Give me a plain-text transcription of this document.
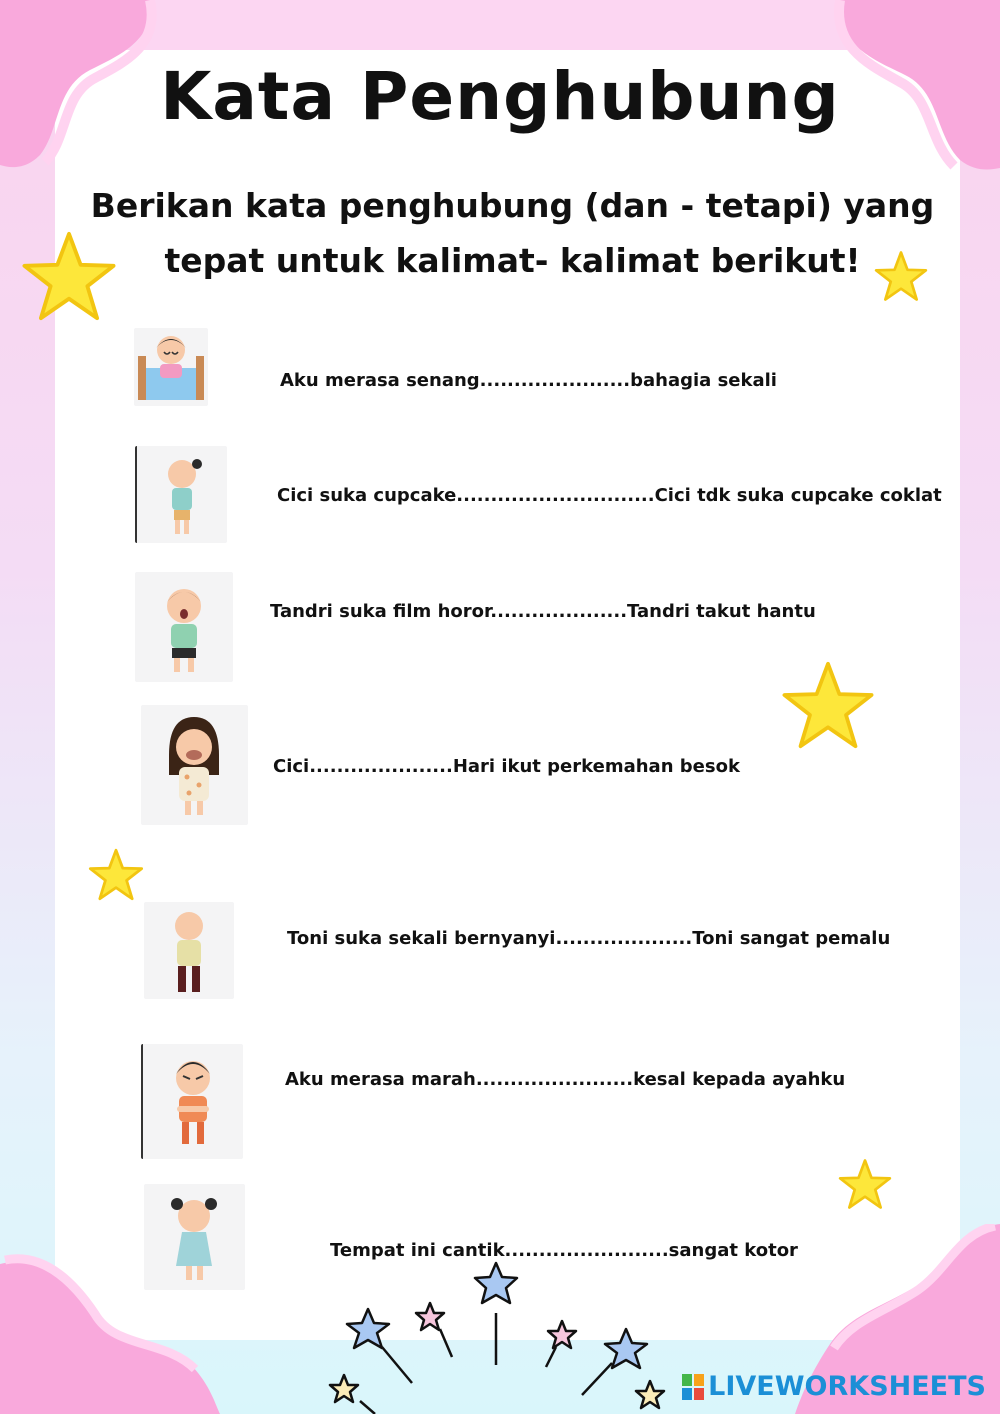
Kata Penghubung
Berikan kata penghubung (dan - tetapi) yang
tepat untuk kalimat- kalimat berikut!

Aku merasa senang......................bahagia sekali

Cici suka cupcake.............................Cici tdk suka cupcake coklat

Tandri suka film horor....................Tandri takut hantu

Cici.....................Hari ikut perkemahan besok

Toni suka sekali bernyanyi....................Toni sangat pemalu

Aku merasa marah.......................kesal kepada ayahku

Tempat ini cantik........................sangat kotor

LIVEWORKSHEETS
